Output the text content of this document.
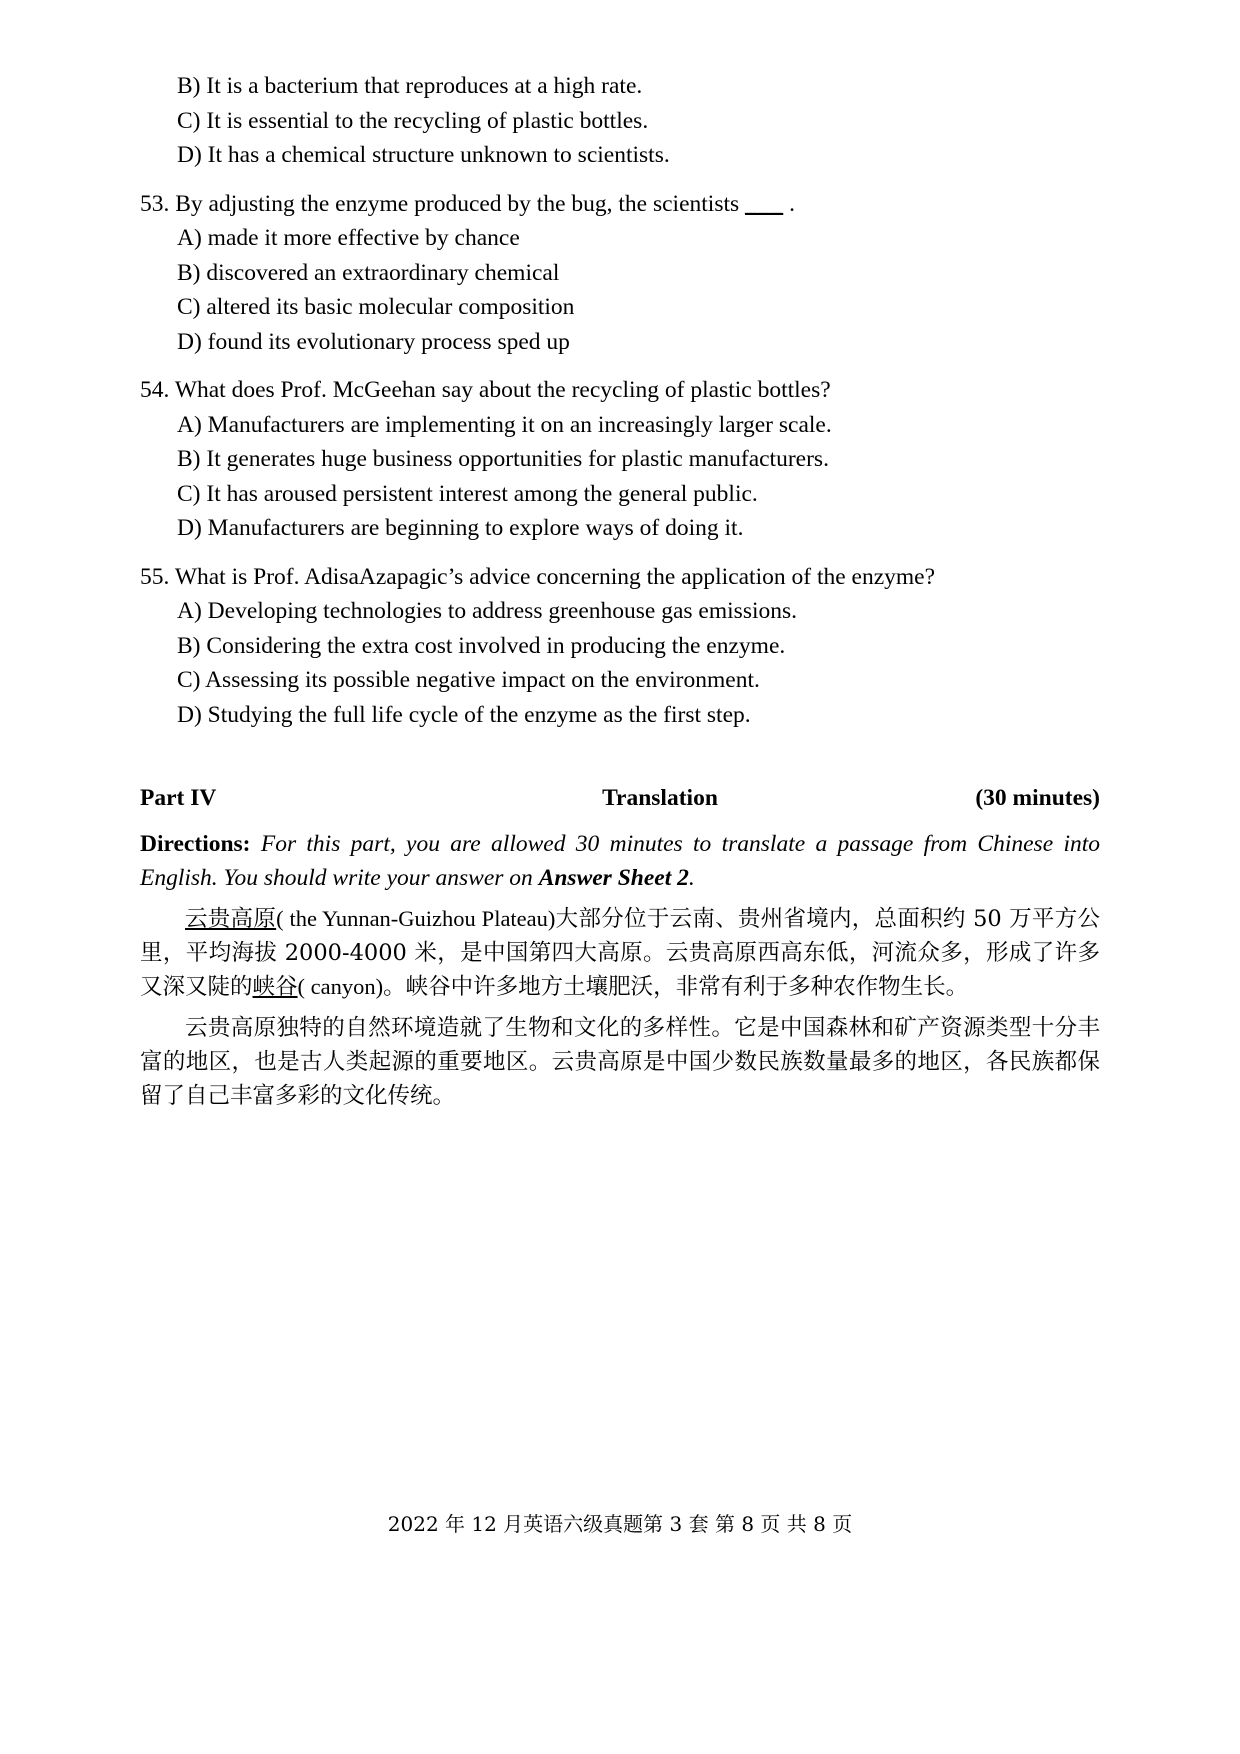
B) It is a bacterium that reproduces at a high rate.
C) It is essential to the recycling of plastic bottles.
D) It has a chemical structure unknown to scientists.
53. By adjusting the enzyme produced by the bug, the scientists ___ .
A) made it more effective by chance
B) discovered an extraordinary chemical
C) altered its basic molecular composition
D) found its evolutionary process sped up
54. What does Prof. McGeehan say about the recycling of plastic bottles?
A) Manufacturers are implementing it on an increasingly larger scale.
B) It generates huge business opportunities for plastic manufacturers.
C) It has aroused persistent interest among the general public.
D) Manufacturers are beginning to explore ways of doing it.
55. What is Prof. AdisaAzapagic’s advice concerning the application of the enzyme?
A) Developing technologies to address greenhouse gas emissions.
B) Considering the extra cost involved in producing the enzyme.
C) Assessing its possible negative impact on the environment.
D) Studying the full life cycle of the enzyme as the first step.
Part IV	Translation	(30 minutes)

Directions: For this part, you are allowed 30 minutes to translate a passage from Chinese into English. You should write your answer on Answer Sheet 2.

云贵高原( the Yunnan-Guizhou Plateau)大部分位于云南、贵州省境内，总面积约 50 万平方公里，平均海拔 2000-4000 米，是中国第四大高原。云贵高原西高东低，河流众多，形成了许多又深又陡的峡谷( canyon)。峡谷中许多地方土壤肥沃，非常有利于多种农作物生长。

云贵高原独特的自然环境造就了生物和文化的多样性。它是中国森林和矿产资源类型十分丰富的地区，也是古人类起源的重要地区。云贵高原是中国少数民族数量最多的地区，各民族都保留了自己丰富多彩的文化传统。

2022 年 12 月英语六级真题第 3 套 第 8 页 共 8 页
